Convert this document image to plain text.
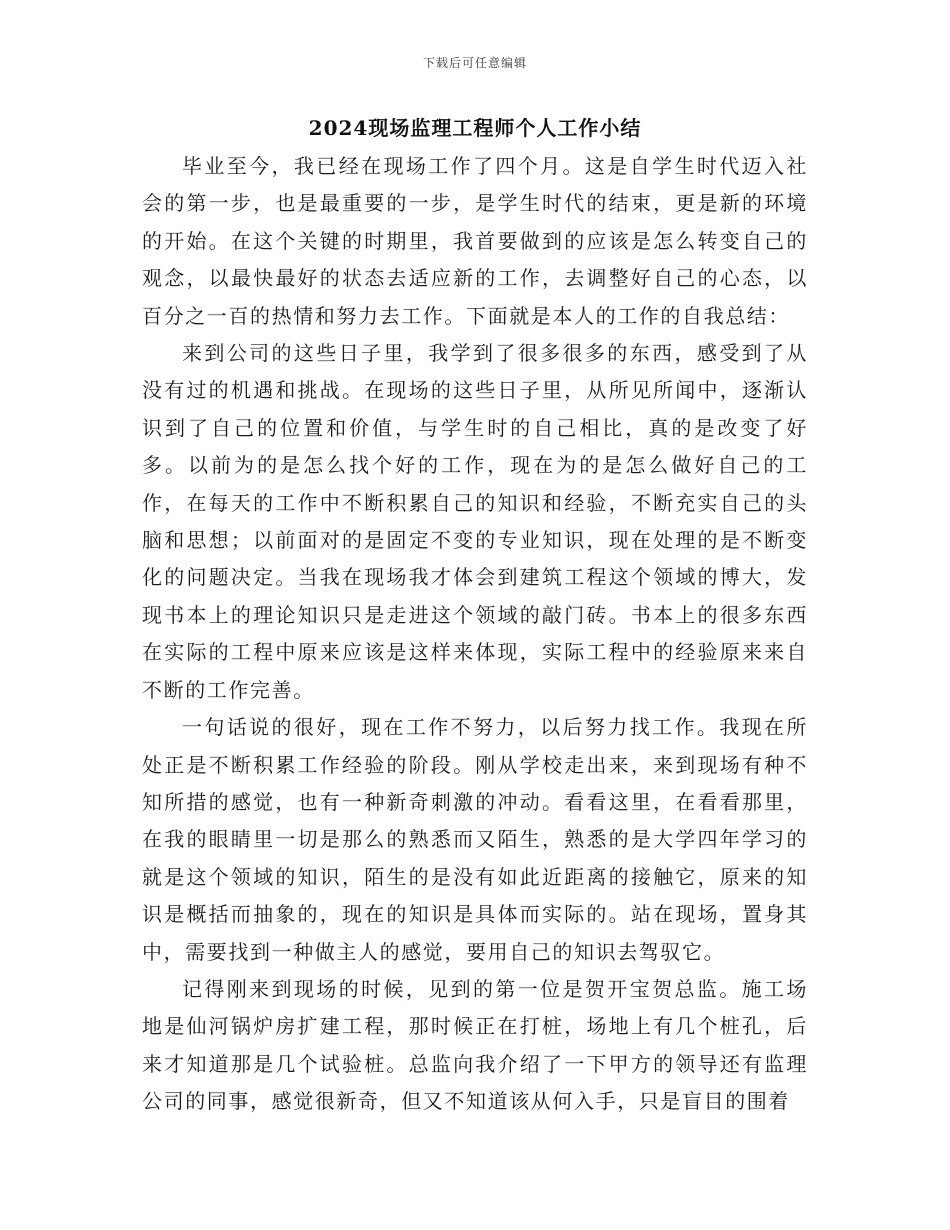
下载后可任意编辑
2024现场监理工程师个人工作小结

毕业至今，我已经在现场工作了四个月。这是自学生时代迈入社会的第一步，也是最重要的一步，是学生时代的结束，更是新的环境的开始。在这个关键的时期里，我首要做到的应该是怎么转变自己的观念，以最快最好的状态去适应新的工作，去调整好自己的心态，以百分之一百的热情和努力去工作。下面就是本人的工作的自我总结：

来到公司的这些日子里，我学到了很多很多的东西，感受到了从没有过的机遇和挑战。在现场的这些日子里，从所见所闻中，逐渐认识到了自己的位置和价值，与学生时的自己相比，真的是改变了好多。以前为的是怎么找个好的工作，现在为的是怎么做好自己的工作，在每天的工作中不断积累自己的知识和经验，不断充实自己的头脑和思想；以前面对的是固定不变的专业知识，现在处理的是不断变化的问题决定。当我在现场我才体会到建筑工程这个领域的博大，发现书本上的理论知识只是走进这个领域的敲门砖。书本上的很多东西在实际的工程中原来应该是这样来体现，实际工程中的经验原来来自不断的工作完善。

一句话说的很好，现在工作不努力，以后努力找工作。我现在所处正是不断积累工作经验的阶段。刚从学校走出来，来到现场有种不知所措的感觉，也有一种新奇刺激的冲动。看看这里，在看看那里，在我的眼睛里一切是那么的熟悉而又陌生，熟悉的是大学四年学习的就是这个领域的知识，陌生的是没有如此近距离的接触它，原来的知识是概括而抽象的，现在的知识是具体而实际的。站在现场，置身其中，需要找到一种做主人的感觉，要用自己的知识去驾驭它。

记得刚来到现场的时候，见到的第一位是贺开宝贺总监。施工场地是仙河锅炉房扩建工程，那时候正在打桩，场地上有几个桩孔，后来才知道那是几个试验桩。总监向我介绍了一下甲方的领导还有监理公司的同事，感觉很新奇，但又不知道该从何入手，只是盲目的围着
